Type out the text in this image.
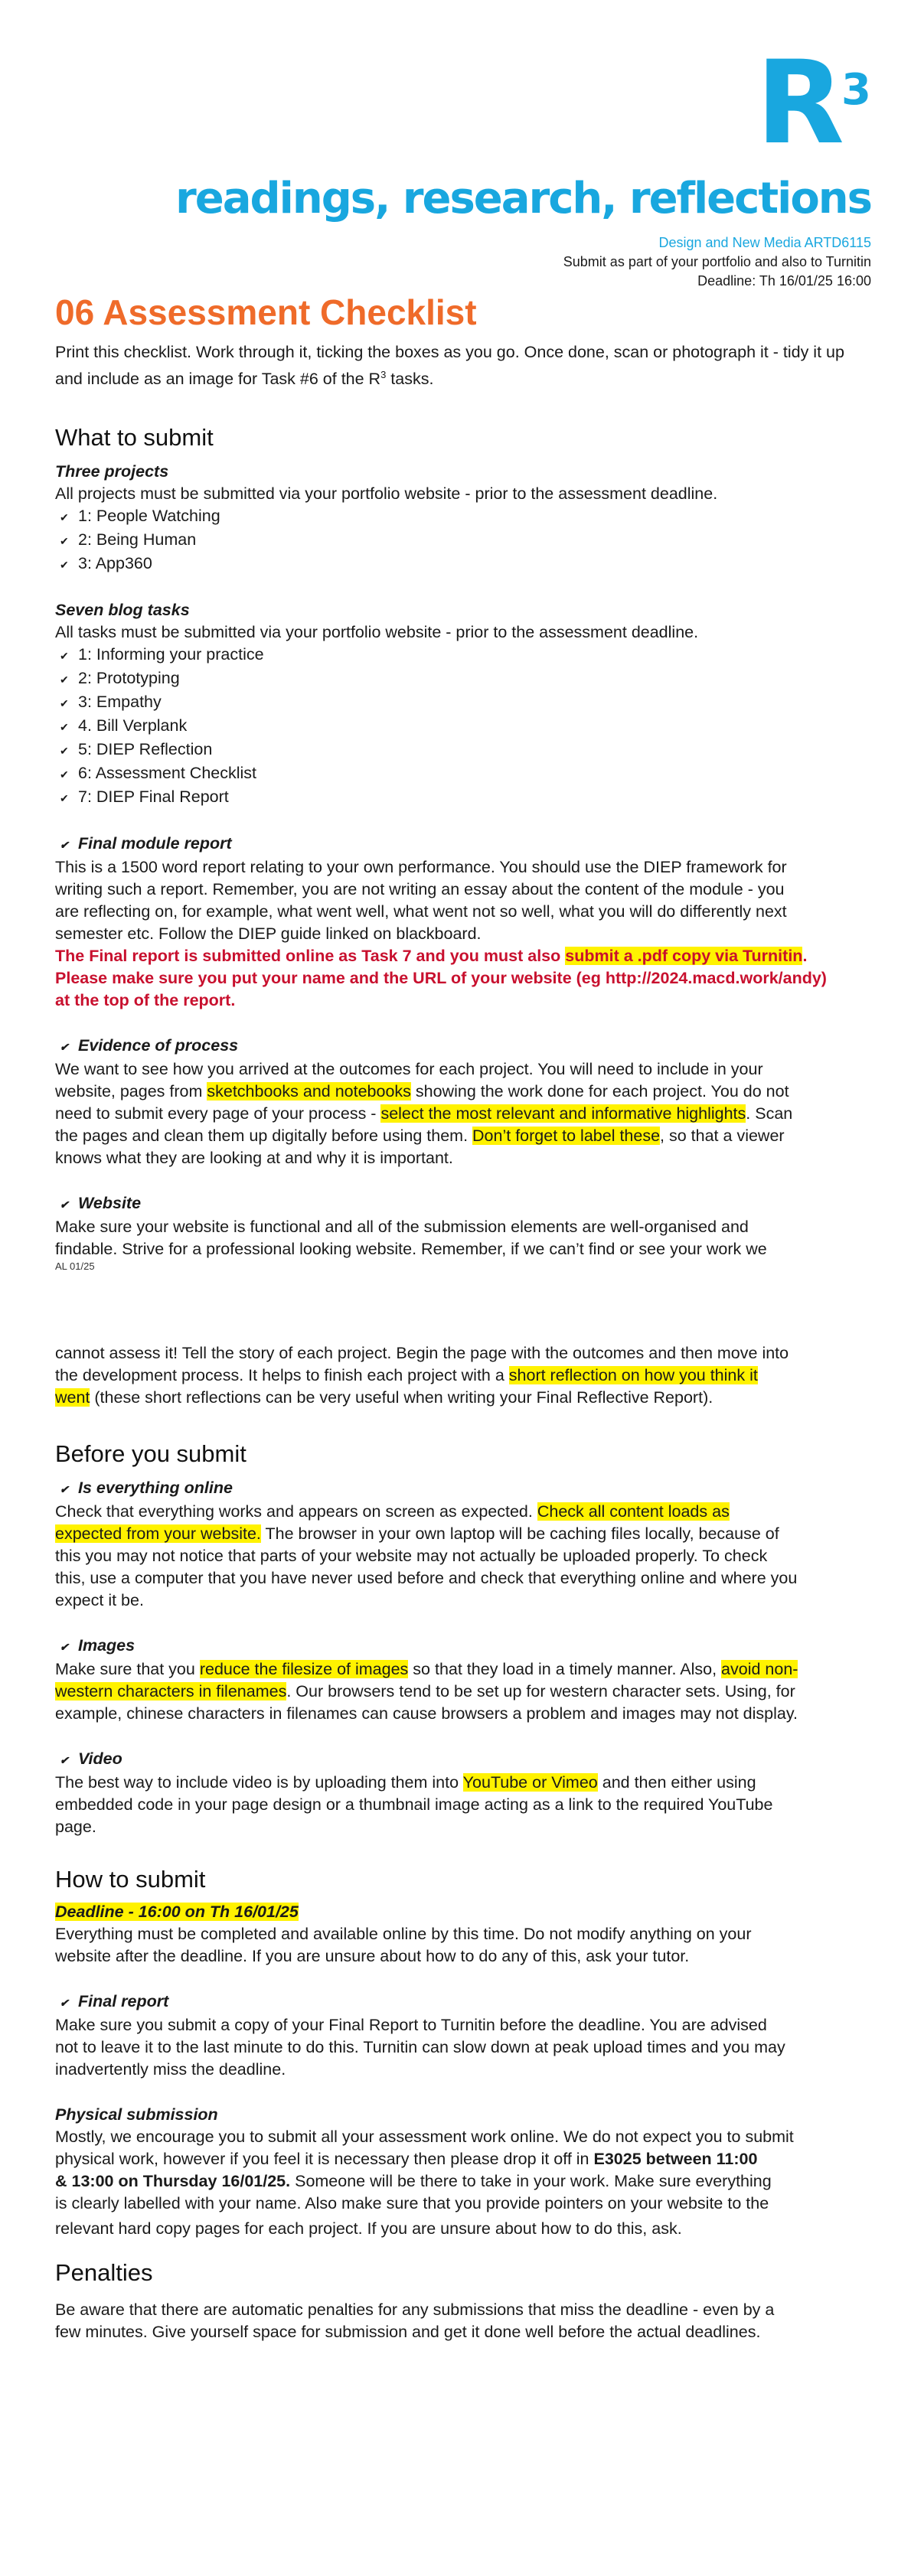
$R^3$
readings, research, reflections
Design and New Media ARTD6115
Submit as part of your portfolio and also to Turnitin
Deadline: Th 16/01/25 16:00
06 Assessment Checklist

Print this checklist. Work through it, ticking the boxes as you go. Once done, scan or photograph it - tidy it up and include as an image for Task #6 of the $R^3$ tasks.

What to submit
Three projects

All projects must be submitted via your portfolio website - prior to the assessment deadline.

✔ 1: People Watching
✔ 2: Being Human
✔ 3: App360
Seven blog tasks

All tasks must be submitted via your portfolio website - prior to the assessment deadline.

✔ 1: Informing your practice
✔ 2: Prototyping
✔ 3: Empathy
✔ 4. Bill Verplank
✔ 5: DIEP Reflection
✔ 6: Assessment Checklist
✔ 7: DIEP Final Report
✔ Final module report

This is a 1500 word report relating to your own performance. You should use the DIEP framework for

writing such a report. Remember, you are not writing an essay about the content of the module - you

are reflecting on, for example, what went well, what went not so well, what you will do differently next

semester etc. Follow the DIEP guide linked on blackboard.

The Final report is submitted online as Task 7 and you must also submit a .pdf copy via Turnitin.

Please make sure you put your name and the URL of your website (eg http://2024.macd.work/andy)

at the top of the report.

✔ Evidence of process

We want to see how you arrived at the outcomes for each project. You will need to include in your

website, pages from sketchbooks and notebooks showing the work done for each project. You do not

need to submit every page of your process - select the most relevant and informative highlights. Scan

the pages and clean them up digitally before using them. Don’t forget to label these, so that a viewer

knows what they are looking at and why it is important.

✔ Website

Make sure your website is functional and all of the submission elements are well-organised and

findable. Strive for a professional looking website. Remember, if we can’t find or see your work we

AL 01/25

cannot assess it! Tell the story of each project. Begin the page with the outcomes and then move into

the development process. It helps to finish each project with a short reflection on how you think it

went (these short reflections can be very useful when writing your Final Reflective Report).

Before you submit
✔ Is everything online

Check that everything works and appears on screen as expected. Check all content loads as

expected from your website. The browser in your own laptop will be caching files locally, because of

this you may not notice that parts of your website may not actually be uploaded properly. To check

this, use a computer that you have never used before and check that everything online and where you

expect it be.

✔ Images

Make sure that you reduce the filesize of images so that they load in a timely manner. Also, avoid non-

western characters in filenames. Our browsers tend to be set up for western character sets. Using, for

example, chinese characters in filenames can cause browsers a problem and images may not display.

✔ Video

The best way to include video is by uploading them into YouTube or Vimeo and then either using

embedded code in your page design or a thumbnail image acting as a link to the required YouTube

page.

How to submit
Deadline - 16:00 on Th 16/01/25

Everything must be completed and available online by this time. Do not modify anything on your

website after the deadline. If you are unsure about how to do any of this, ask your tutor.

✔ Final report

Make sure you submit a copy of your Final Report to Turnitin before the deadline. You are advised

not to leave it to the last minute to do this. Turnitin can slow down at peak upload times and you may

inadvertently miss the deadline.

Physical submission

Mostly, we encourage you to submit all your assessment work online. We do not expect you to submit

physical work, however if you feel it is necessary then please drop it off in E3025 between 11:00

& 13:00 on Thursday 16/01/25. Someone will be there to take in your work. Make sure everything

is clearly labelled with your name. Also make sure that you provide pointers on your website to the

relevant hard copy pages for each project. If you are unsure about how to do this, ask.

Penalties

Be aware that there are automatic penalties for any submissions that miss the deadline - even by a

few minutes. Give yourself space for submission and get it done well before the actual deadlines.
